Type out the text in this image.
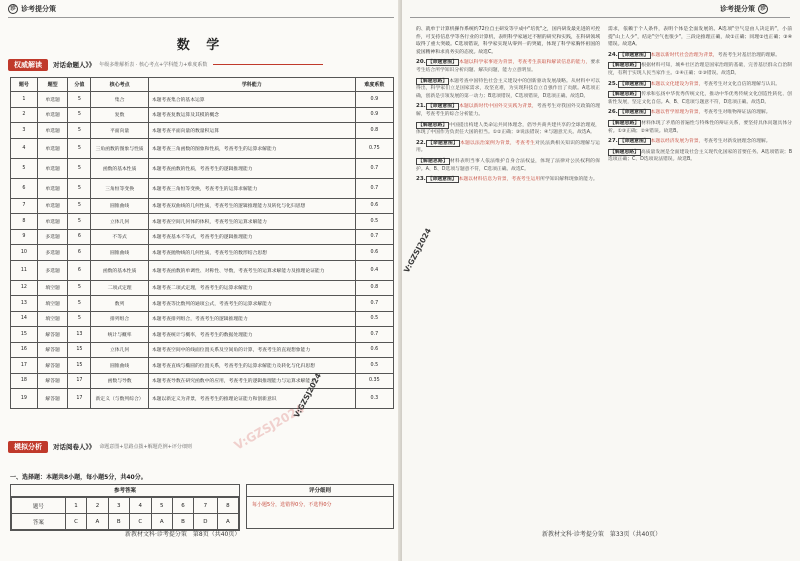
诊 诊考提分策
数 学
权威解读	对话命题人》》 年级多维解析表 · 核心考点+学科能力+难度系数
题号	题型	分值	核心考点	学科能力	难度系数
1	单选题	5	集合	本题考查集合的基本运算	0.9
2	单选题	5	复数	本题考查复数运算及其模的概念	0.9
3	单选题	5	平面向量	本题考查平面向量的数量积运算	0.8
4	单选题	5	三角函数的图象与性质	本题考查三角函数的图象和性质，考查考生的运算求解能力	0.75
5	单选题	5	函数的基本性质	本题考查函数的性质，考查考生的逻辑推理能力	0.7
6	单选题	5	三角恒等变换	本题考查三角恒等变换，考查考生的运算求解能力	0.7
7	单选题	5	圆锥曲线	本题考查双曲线的几何性质，考查考生的逻辑推理能力及转化与化归思想	0.6
8	单选题	5	立体几何	本题考查空间几何体的体积，考查考生的运算求解能力	0.5
9	多选题	6	不等式	本题考查基本不等式，考查考生的逻辑推理能力	0.7
10	多选题	6	圆锥曲线	本题考查抛物线的几何性质，考查考生的数形结合思想	0.6
11	多选题	6	函数的基本性质	本题考查函数的单调性、对称性、导数，考查考生的运算求解能力及推理论证能力	0.4
12	填空题	5	二项式定理	本题考查二项式定理，考查考生的运算求解能力	0.8
13	填空题	5	数列	本题考查等比数列的通项公式，考查考生的运算求解能力	0.7
14	填空题	5	排列组合	本题考查排列组合，考查考生的逻辑推理能力	0.5
15	解答题	13	统计与概率	本题考查统计与概率，考查考生的数据处理能力	0.7
16	解答题	15	立体几何	本题考查空间中的线面位置关系及空间角的计算，考查考生的直观想象能力	0.6
17	解答题	15	圆锥曲线	本题考查直线与椭圆的位置关系，考查考生的运算求解能力及转化与化归思想	0.5
18	解答题	17	函数与导数	本题考查导数在研究函数中的应用，考查考生的逻辑推理能力与运算求解能力	0.35
19	解答题	17	新定义（与数列综合）	本题以新定义为背景，考查考生的推理论证能力和创新意识	0.3
模拟分析	对话阅卷人》》 命题意图+思路点拨+解题范例+评分细则
一、选择题：本题共8小题，每小题5分，共40分。
参考答案
题号	1	2	3	4	5	6	7	8
答案	C	A	B	C	A	B	D	A
评分细则
每小题5分，选错得0分，不选得0分
V:GZSJ2024
新教材文科·诊考提分策　第8页（共40页）
诊考提分策 诊

的、就单于计算机操作系统约72位自主研发等字成中"培优"之，国内研发最先进的可控件，可支持信息学等各行业的计算机，表明科学家通过不断的研究和实践，在科研领域取得了重大突破。C选项错误，科学家实现从零到一的突破，体现了科学家胸怀祖国的爱国精神和求真务实的态度。故选C。

20. 【命题意图】 本题以科学家事迹为背景，考查考生获取和解读信息的能力，要求考生结合所学知识分析问题、解决问题，能力立意明显。

【解题思路】 本题考查中国特色社会主义建设中的创新驱动发展战略。从材料中可以得出，科学家们立足国家需求，攻坚克难，为实现科技自立自强作出了贡献。A选项正确，创新是引领发展的第一动力；B选项错误，C选项错误，D选项正确。故选D。

21. 【命题意图】 本题以新时代中国外交实践为背景，考查考生对我国外交政策的理解，考查考生的综合分析能力。

【解题思路】 中国提出构建人类命运共同体理念，倡导共商共建共享的全球治理观，体现了中国作为负责任大国的担当。①②正确；③说法错误；④与题意无关。故选A。

22. 【命题意图】 本题以法治案例为背景，考查考生对民法典相关知识的理解与运用。

【解题思路】 材料表明当事人依法维护自身合法权益，体现了法律对公民权利的保护。A、B、D选项与题意不符，C选项正确。故选C。

23. 【命题意图】 本题以材料信息为背景，考查考生运用所学知识解释现象的能力。

需求，依赖于个人条件，表明个体是全面发展的。A选项"空气是由人决定的"，小前提"山上人少"，结论"空气也很少"，三段论推理正确，故①正确；同理②也正确；③④错误。故选A。

24. 【命题意图】 本题以新时代社会治理为背景，考查考生对基层治理的理解。

【解题思路】 根据材料可知，城乡社区治理是国家治理的基础，完善基层群众自治制度，有利于实现人民当家作主。①④正确；②③错误。故选D。

25. 【命题意图】 本题以文化建设为背景，考查考生对文化自信的理解与认识。

【解题思路】 传承和弘扬中华优秀传统文化，推动中华优秀传统文化创造性转化、创新性发展，坚定文化自信。A、B、C选项与题意不符，D选项正确。故选D。

26. 【命题意图】 本题以哲学原理为背景，考查考生对唯物辩证法的理解。

【解题思路】 材料体现了矛盾的普遍性与特殊性的辩证关系，要坚持具体问题具体分析。①③正确；②④错误。故选B。

27. 【命题意图】 本题以经济发展为背景，考查考生对新发展理念的理解。

【解题思路】 高质量发展是全面建设社会主义现代化国家的首要任务。A选项错误；B选项正确；C、D选项说法错误。故选B。

V:GZSJ2024
V:GZSJ2024
新教材文科·诊考提分策　第33页（共40页）
